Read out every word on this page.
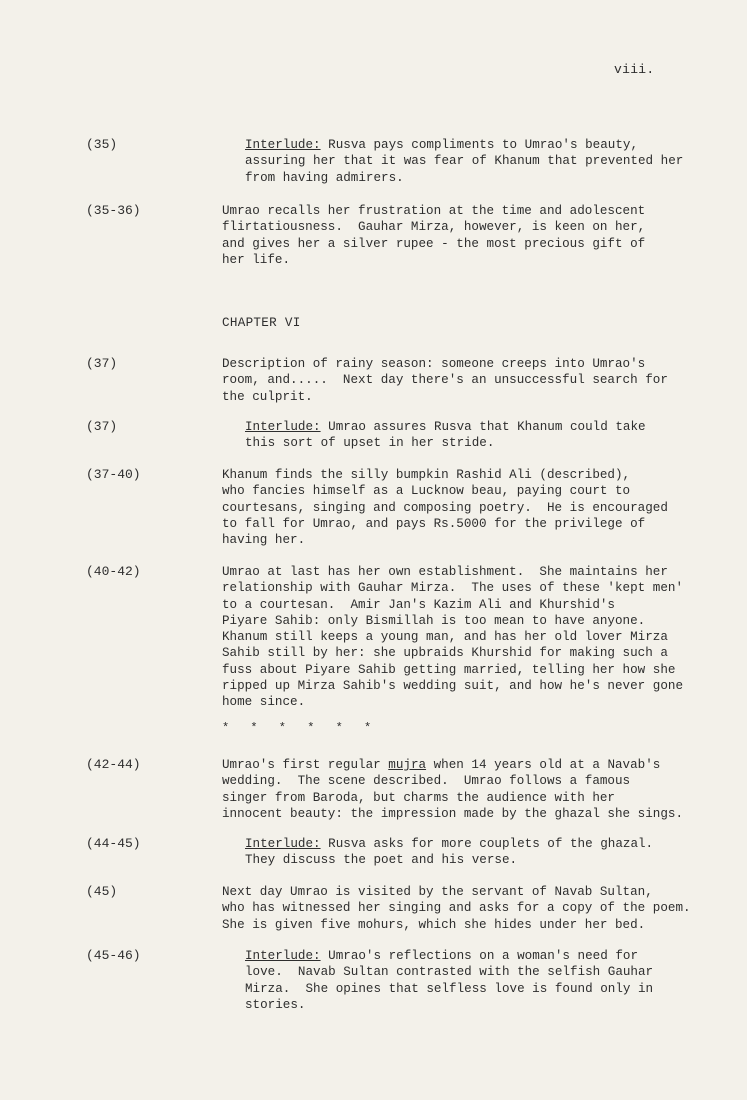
viii.
(35)	Interlude: Rusva pays compliments to Umrao's beauty,
assuring her that it was fear of Khanum that prevented her
from having admirers.
(35-36)	Umrao recalls her frustration at the time and adolescent
flirtatiousness.  Gauhar Mirza, however, is keen on her,
and gives her a silver rupee - the most precious gift of
her life.
CHAPTER VI
(37)	Description of rainy season: someone creeps into Umrao's
room, and.....  Next day there's an unsuccessful search for
the culprit.
(37)	Interlude: Umrao assures Rusva that Khanum could take
this sort of upset in her stride.
(37-40)	Khanum finds the silly bumpkin Rashid Ali (described),
who fancies himself as a Lucknow beau, paying court to
courtesans, singing and composing poetry.  He is encouraged
to fall for Umrao, and pays Rs.5000 for the privilege of
having her.
(40-42)	Umrao at last has her own establishment.  She maintains her
relationship with Gauhar Mirza.  The uses of these 'kept men'
to a courtesan.  Amir Jan's Kazim Ali and Khurshid's
Piyare Sahib: only Bismillah is too mean to have anyone.
Khanum still keeps a young man, and has her old lover Mirza
Sahib still by her: she upbraids Khurshid for making such a
fuss about Piyare Sahib getting married, telling her how she
ripped up Mirza Sahib's wedding suit, and how he's never gone
home since.
* * * * * *
(42-44)	Umrao's first regular mujra when 14 years old at a Navab's
wedding.  The scene described.  Umrao follows a famous
singer from Baroda, but charms the audience with her
innocent beauty: the impression made by the ghazal she sings.
(44-45)	Interlude: Rusva asks for more couplets of the ghazal.
They discuss the poet and his verse.
(45)	Next day Umrao is visited by the servant of Navab Sultan,
who has witnessed her singing and asks for a copy of the poem.
She is given five mohurs, which she hides under her bed.
(45-46)	Interlude: Umrao's reflections on a woman's need for
love.  Navab Sultan contrasted with the selfish Gauhar
Mirza.  She opines that selfless love is found only in
stories.
